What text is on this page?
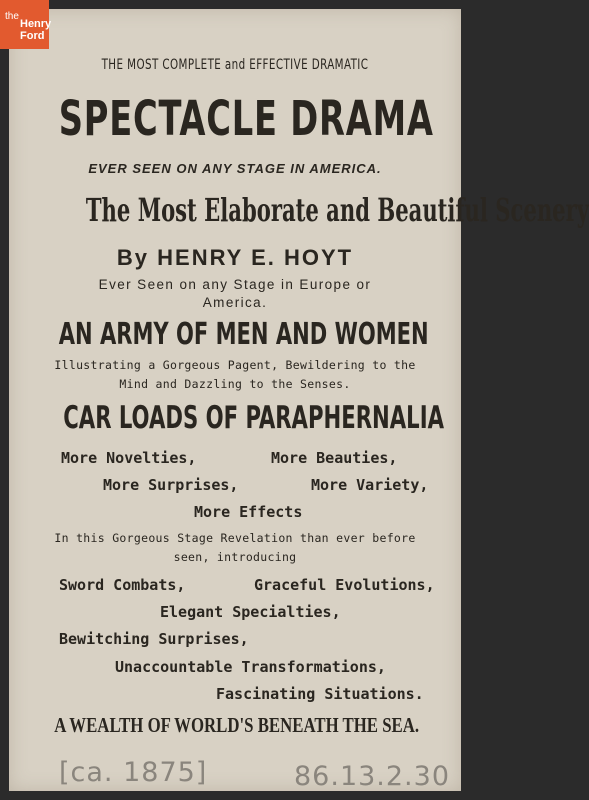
the
Henry
Ford
THE MOST COMPLETE and EFFECTIVE DRAMATIC
SPECTACLE DRAMA
EVER SEEN ON ANY STAGE IN AMERICA.
The Most Elaborate and Beautiful Scenery
By HENRY E. HOYT
Ever Seen on any Stage in Europe or
America.
AN ARMY OF MEN AND WOMEN
Illustrating a Gorgeous Pagent, Bewildering to the
Mind and Dazzling to the Senses.
CAR LOADS OF PARAPHERNALIA
More Novelties,	More Beauties,
More Surprises,	More Variety,
More Effects
In this Gorgeous Stage Revelation than ever before
seen, introducing
Sword Combats,	Graceful Evolutions,
Elegant Specialties,
Bewitching Surprises,
Unaccountable Transformations,
Fascinating Situations.
A WEALTH OF WORLD'S BENEATH THE SEA.
[ca. 1875]	86.13.2.30
